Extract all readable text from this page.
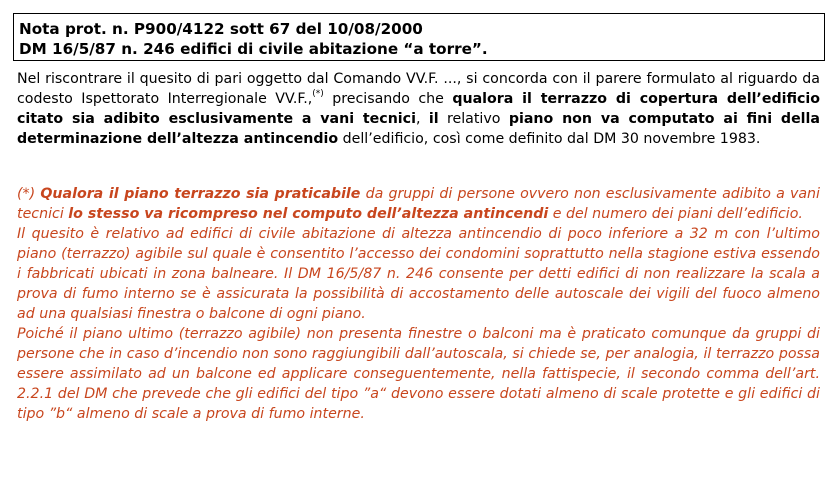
Nota prot. n. P900/4122 sott 67 del 10/08/2000
DM 16/5/87 n. 246 edifici di civile abitazione “a torre”.

Nel riscontrare il quesito di pari oggetto dal Comando VV.F. ..., si concorda con il parere formulato al riguardo da codesto Ispettorato Interregionale VV.F.,(*) precisando che qualora il terrazzo di copertura dell’edificio citato sia adibito esclusivamente a vani tecnici, il relativo piano non va computato ai fini della determinazione dell’altezza antincendio dell’edificio, così come definito dal DM 30 novembre 1983.

(*) Qualora il piano terrazzo sia praticabile da gruppi di persone ovvero non esclusivamente adibito a vani tecnici lo stesso va ricompreso nel computo dell’altezza antincendi e del numero dei piani dell’edificio.

Il quesito è relativo ad edifici di civile abitazione di altezza antincendio di poco inferiore a 32 m con l’ultimo piano (terrazzo) agibile sul quale è consentito l’accesso dei condomini soprattutto nella stagione estiva essendo i fabbricati ubicati in zona balneare. Il DM 16/5/87 n. 246 consente per detti edifici di non realizzare la scala a prova di fumo interno se è assicurata la possibilità di accostamento delle autoscale dei vigili del fuoco almeno ad una qualsiasi finestra o balcone di ogni piano.

Poiché il piano ultimo (terrazzo agibile) non presenta finestre o balconi ma è praticato comunque da gruppi di persone che in caso d’incendio non sono raggiungibili dall’autoscala, si chiede se, per analogia, il terrazzo possa essere assimilato ad un balcone ed applicare conseguentemente, nella fattispecie, il secondo comma dell’art. 2.2.1 del DM che prevede che gli edifici del tipo ”a“ devono essere dotati almeno di scale protette e gli edifici di tipo ”b“ almeno di scale a prova di fumo interne.
